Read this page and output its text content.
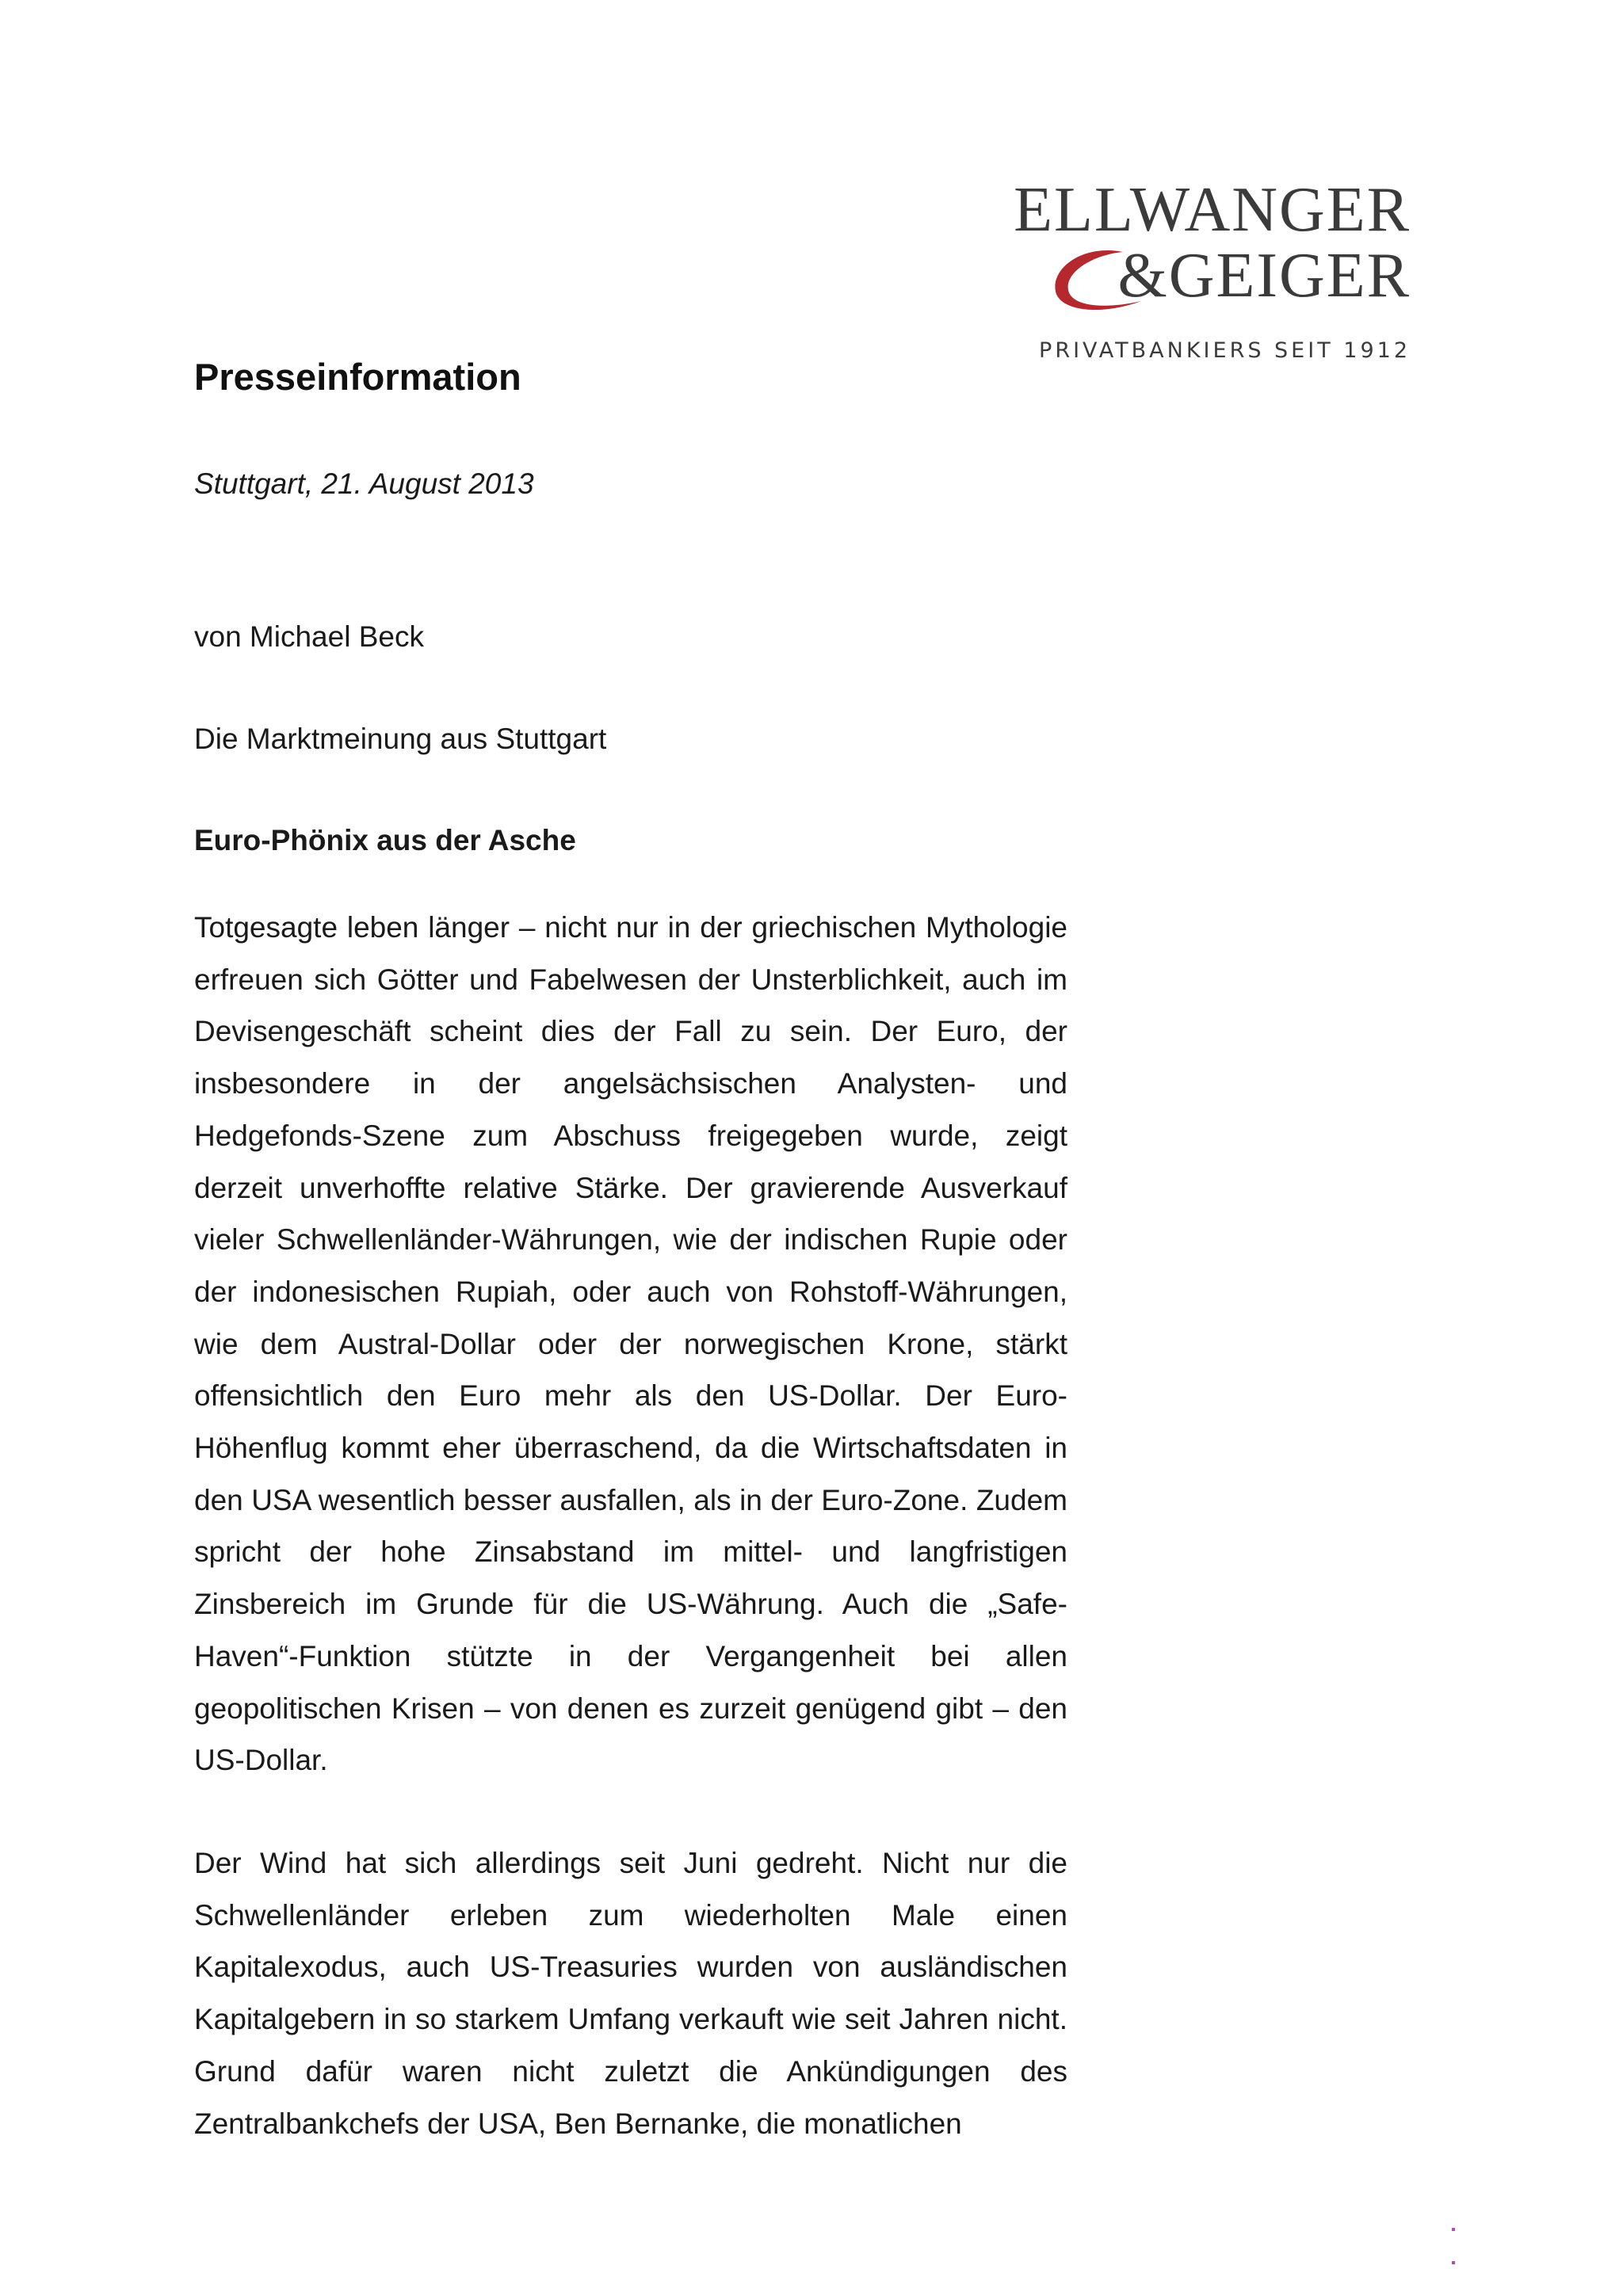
ELLWANGER
&GEIGER
PRIVATBANKIERS SEIT 1912
Presseinformation

Stuttgart, 21. August 2013

von Michael Beck

Die Marktmeinung aus Stuttgart

Euro-Phönix aus der Asche

Totgesagte leben länger – nicht nur in der griechischen Mythologie erfreuen sich Götter und Fabelwesen der Unsterblichkeit, auch im Devisengeschäft scheint dies der Fall zu sein. Der Euro, der insbesondere in der angelsächsischen Analysten- und Hedgefonds-Szene zum Abschuss freigegeben wurde, zeigt derzeit unverhoffte relative Stärke. Der gravierende Ausverkauf vieler Schwellenländer-Währungen, wie der indischen Rupie oder der indonesischen Rupiah, oder auch von Rohstoff-Währungen, wie dem Austral-Dollar oder der norwegischen Krone, stärkt offensichtlich den Euro mehr als den US-Dollar. Der Euro-Höhenflug kommt eher überraschend, da die Wirtschaftsdaten in den USA wesentlich besser ausfallen, als in der Euro-Zone. Zudem spricht der hohe Zinsabstand im mittel- und langfristigen Zinsbereich im Grunde für die US-Währung. Auch die „Safe-Haven“-Funktion stützte in der Vergangenheit bei allen geopolitischen Krisen – von denen es zurzeit genügend gibt – den US-Dollar.

Der Wind hat sich allerdings seit Juni gedreht. Nicht nur die Schwellenländer erleben zum wiederholten Male einen Kapitalexodus, auch US-Treasuries wurden von ausländischen Kapitalgebern in so starkem Umfang verkauft wie seit Jahren nicht. Grund dafür waren nicht zuletzt die Ankündigungen des Zentralbankchefs der USA, Ben Bernanke, die monatlichen
